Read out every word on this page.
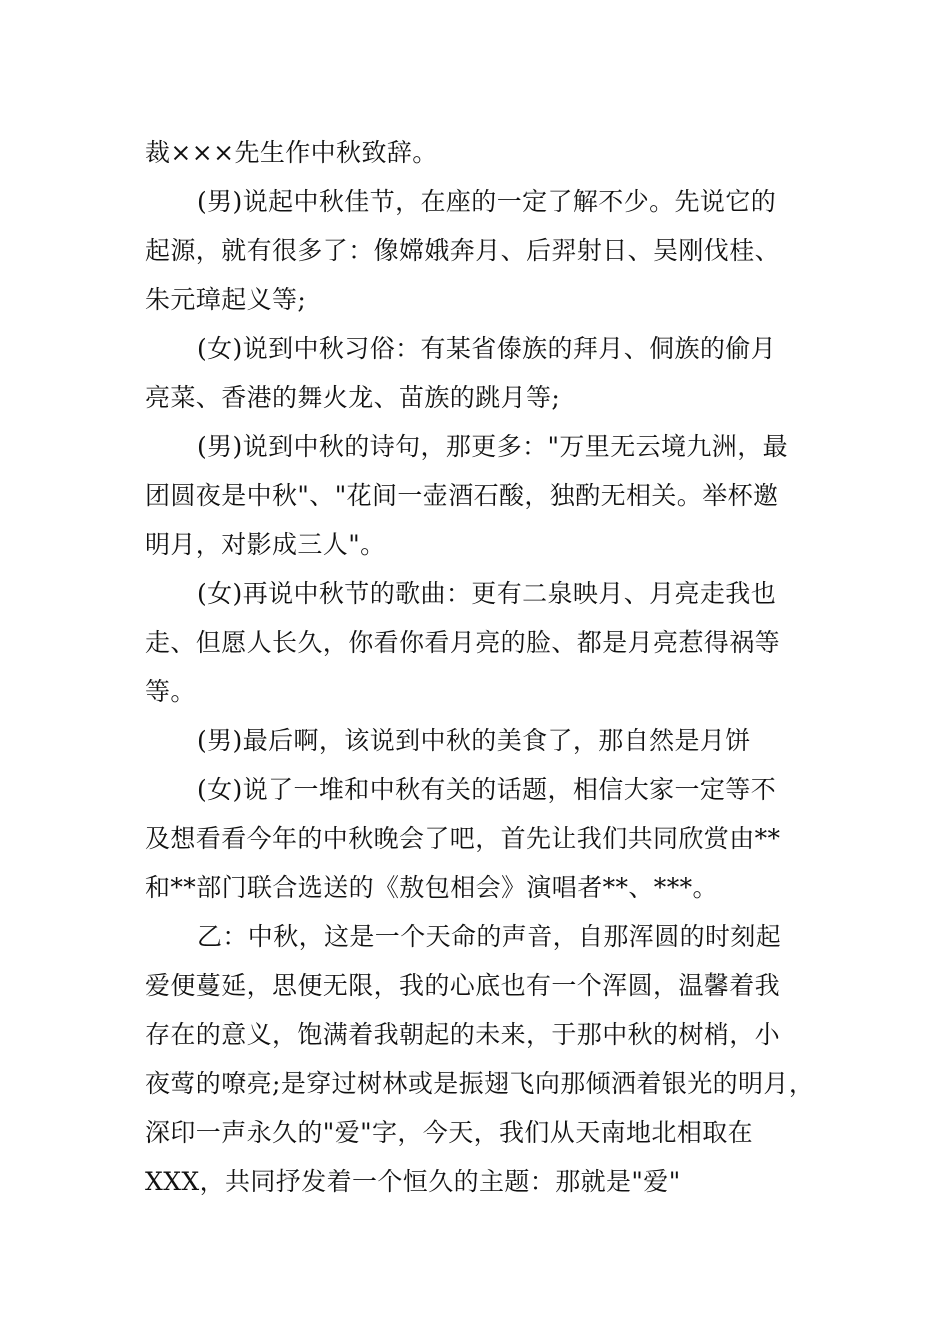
裁×××先生作中秋致辞。
(男)说起中秋佳节，在座的一定了解不少。先说它的
起源，就有很多了：像嫦娥奔月、后羿射日、吴刚伐桂、
朱元璋起义等;
(女)说到中秋习俗：有某省傣族的拜月、侗族的偷月
亮菜、香港的舞火龙、苗族的跳月等;
(男)说到中秋的诗句，那更多："万里无云境九洲，最
团圆夜是中秋"、"花间一壶酒石酸，独酌无相关。举杯邀
明月，对影成三人"。
(女)再说中秋节的歌曲：更有二泉映月、月亮走我也
走、但愿人长久，你看你看月亮的脸、都是月亮惹得祸等
等。
(男)最后啊，该说到中秋的美食了，那自然是月饼
(女)说了一堆和中秋有关的话题，相信大家一定等不
及想看看今年的中秋晚会了吧，首先让我们共同欣赏由**
和**部门联合选送的《敖包相会》演唱者**、***。
乙：中秋，这是一个天命的声音，自那浑圆的时刻起
爱便蔓延，思便无限，我的心底也有一个浑圆，温馨着我
存在的意义，饱满着我朝起的未来，于那中秋的树梢，小
夜莺的嘹亮;是穿过树林或是振翅飞向那倾洒着银光的明月，
深印一声永久的"爱"字，今天，我们从天南地北相取在
XXX，共同抒发着一个恒久的主题：那就是"爱"
